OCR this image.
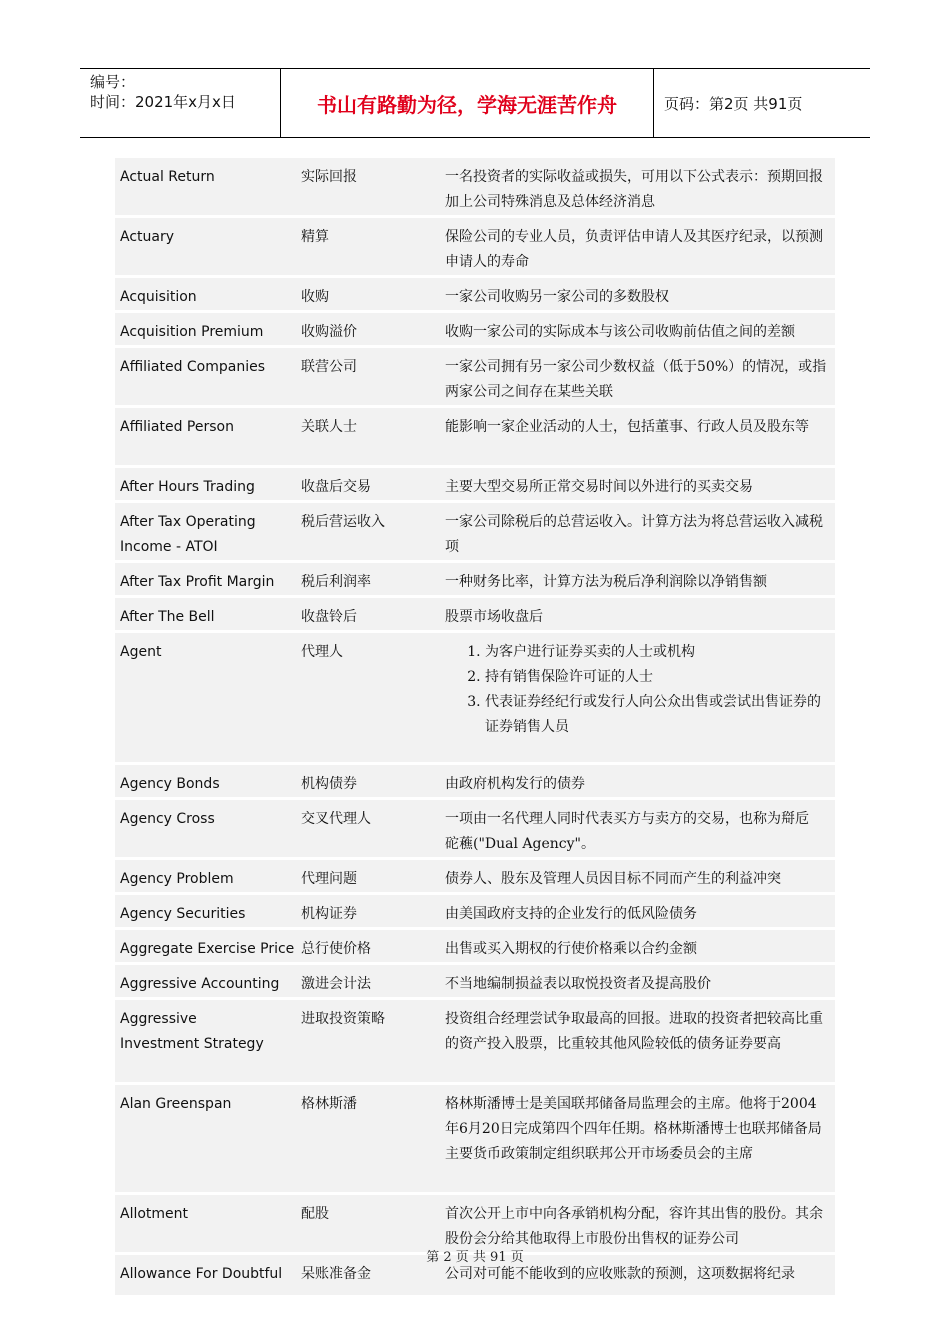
编号：
时间：2021年x月x日	书山有路勤为径，学海无涯苦作舟	页码：第2页 共91页
Actual Return	实际回报	一名投资者的实际收益或损失，可用以下公式表示：预期回报加上公司特殊消息及总体经济消息
Actuary	精算	保险公司的专业人员，负责评估申请人及其医疗纪录，以预测申请人的寿命
Acquisition	收购	一家公司收购另一家公司的多数股权
Acquisition Premium	收购溢价	收购一家公司的实际成本与该公司收购前估值之间的差额
Affiliated Companies	联营公司	一家公司拥有另一家公司少数权益（低于50%）的情况，或指两家公司之间存在某些关联
Affiliated Person	关联人士	能影响一家企业活动的人士，包括董事、行政人员及股东等
After Hours Trading	收盘后交易	主要大型交易所正常交易时间以外进行的买卖交易
After Tax Operating Income - ATOI
税后营运收入	一家公司除税后的总营运收入。计算方法为将总营运收入减税项
After Tax Profit Margin	税后利润率	一种财务比率，计算方法为税后净利润除以净销售额
After The Bell	收盘铃后	股票市场收盘后
Agent	代理人
1.	为客户进行证券买卖的人士或机构
2. 持有销售保险许可证的人士
3. 代表证券经纪行或发行人向公众出售或尝试出售证券的证券销售人员
Agency Bonds	机构债券	由政府机构发行的债券
Agency Cross	交叉代理人	一项由一名代理人同时代表买方与卖方的交易，也称为搿卮 砣藮("Dual Agency"。
Agency Problem	代理问题	债券人、股东及管理人员因目标不同而产生的利益冲突
Agency Securities	机构证券	由美国政府支持的企业发行的低风险债务
Aggregate Exercise Price 总行使价格	出售或买入期权的行使价格乘以合约金额
Aggressive Accounting	激进会计法	不当地编制损益表以取悦投资者及提高股价
Aggressive Investment Strategy
进取投资策略	投资组合经理尝试争取最高的回报。进取的投资者把较高比重的资产投入股票，比重较其他风险较低的债务证券要高
Alan Greenspan	格林斯潘	格林斯潘博士是美国联邦储备局监理会的主席。他将于2004年6月20日完成第四个四年任期。格林斯潘博士也联邦储备局主要货币政策制定组织联邦公开市场委员会的主席
Allotment	配股	首次公开上市中向各承销机构分配，容许其出售的股份。其余股份会分给其他取得上市股份出售权的证券公司
Allowance For Doubtful	呆账准备金	公司对可能不能收到的应收账款的预测，这项数据将纪录
第 2 页 共 91 页
